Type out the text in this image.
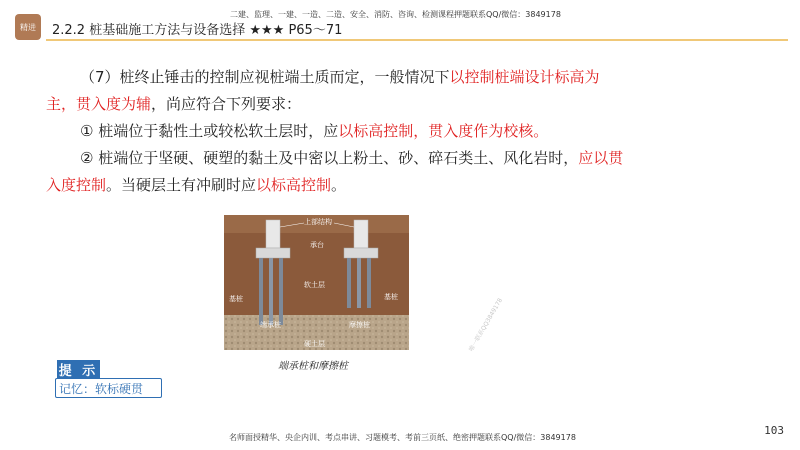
精进	2.2.2 桩基础施工方法与设备选择 ★★★ P65～71
二建、监理、一建、一造、二造、安全、消防、咨询、检测课程押题联系QQ/微信：3849178
（7）桩终止锤击的控制应视桩端土质而定，一般情况下以控制桩端设计标高为主，贯入度为辅，尚应符合下列要求：
① 桩端位于黏性土或较松软土层时，应以标高控制，贯入度作为校核。
② 桩端位于坚硬、硬塑的黏土及中密以上粉土、砂、碎石类土、风化岩时，应以贯入度控制。当硬层土有冲刷时应以标高控制。
上部结构
承台
软土层
基桩	基桩
端承桩	摩擦桩
硬土层
端承桩和摩擦桩
唯一联系QQ3849178
提 示
记忆：软标硬贯
名师面授精华、央企内训、考点串讲、习题模考、考前三页纸、绝密押题联系QQ/微信：3849178
103
